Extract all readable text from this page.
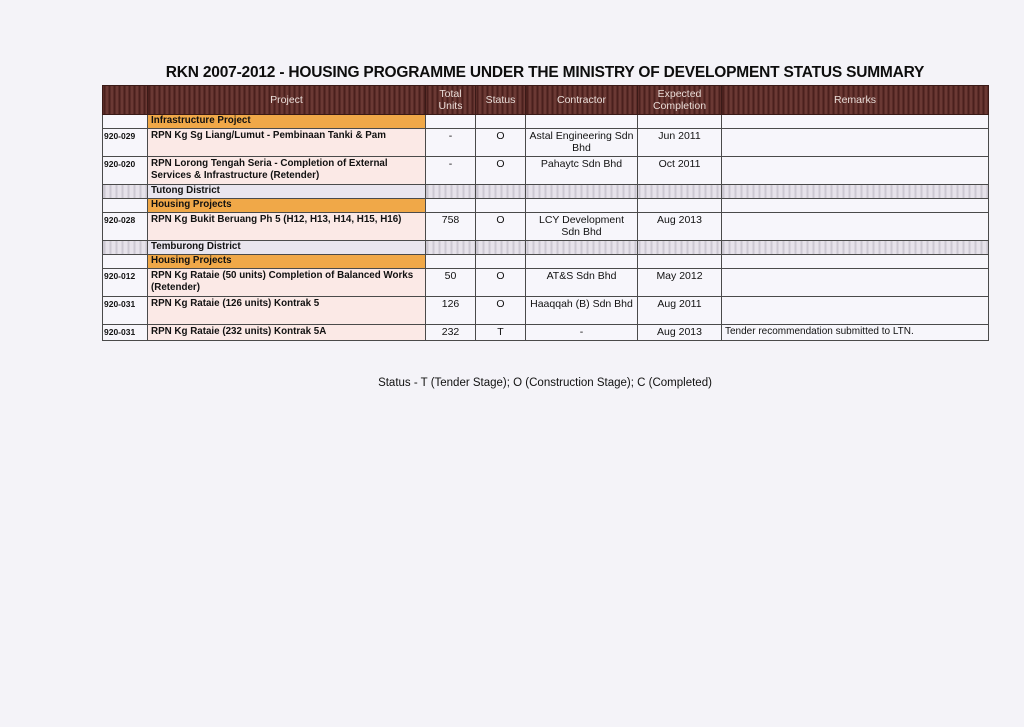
RKN 2007-2012 - HOUSING PROGRAMME UNDER THE MINISTRY OF DEVELOPMENT STATUS SUMMARY
	Project	Total Units	Status	Contractor	Expected Completion	Remarks
	Infrastructure Project					
920-029	RPN Kg Sg Liang/Lumut - Pembinaan Tanki & Pam	-	O	Astal Engineering Sdn Bhd	Jun 2011	
920-020	RPN Lorong Tengah Seria - Completion of External Services & Infrastructure (Retender)	-	O	Pahaytc Sdn Bhd	Oct 2011	
	Tutong District					
	Housing Projects					
920-028	RPN Kg Bukit Beruang Ph 5 (H12, H13, H14, H15, H16)	758	O	LCY Development Sdn Bhd	Aug 2013	
	Temburong District					
	Housing Projects					
920-012	RPN Kg Rataie (50 units) Completion of Balanced Works (Retender)	50	O	AT&S Sdn Bhd	May 2012	
920-031	RPN Kg Rataie (126 units) Kontrak 5	126	O	Haaqqah (B) Sdn Bhd	Aug 2011	
920-031	RPN Kg Rataie (232 units) Kontrak 5A	232	T	-	Aug 2013	Tender recommendation submitted to LTN.
Status - T (Tender Stage); O (Construction Stage); C (Completed)
